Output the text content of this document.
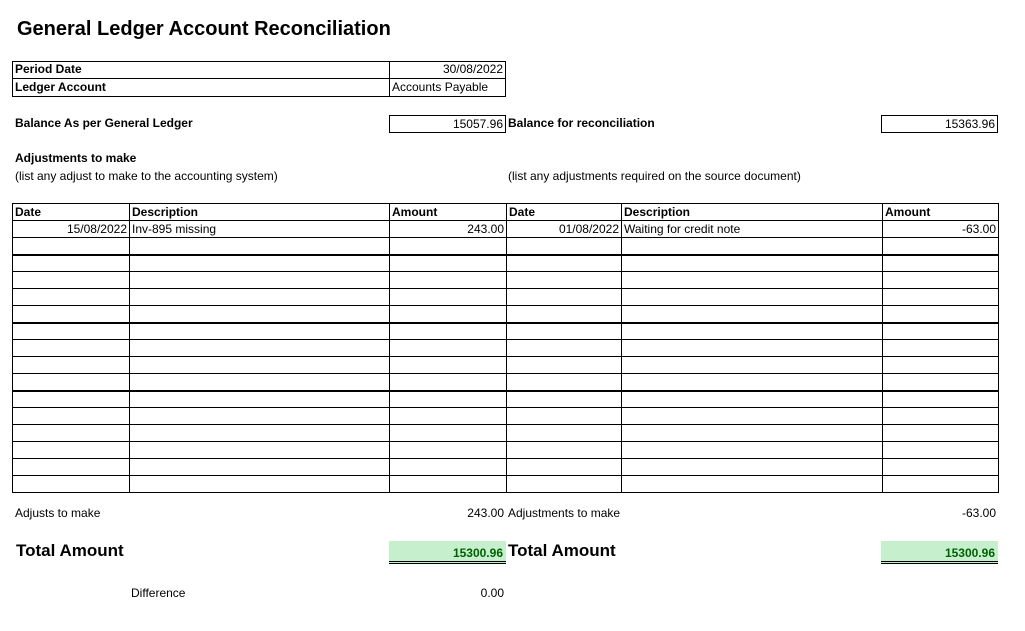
General Ledger Account Reconciliation
Period Date	30/08/2022
Ledger Account	Accounts Payable
Balance As per General Ledger	15057.96 Balance for reconciliation	15363.96
Adjustments to make
(list any adjust to make to the accounting system)	(list any adjustments required on the source document)
Date	Description	Amount	Date	Description	Amount
15/08/2022	Inv-895 missing	243.00	01/08/2022	Waiting for credit note	-63.00

Adjusts to make	243.00 Adjustments to make	-63.00
Total Amount	15300.96 Total Amount	15300.96
Difference	0.00
